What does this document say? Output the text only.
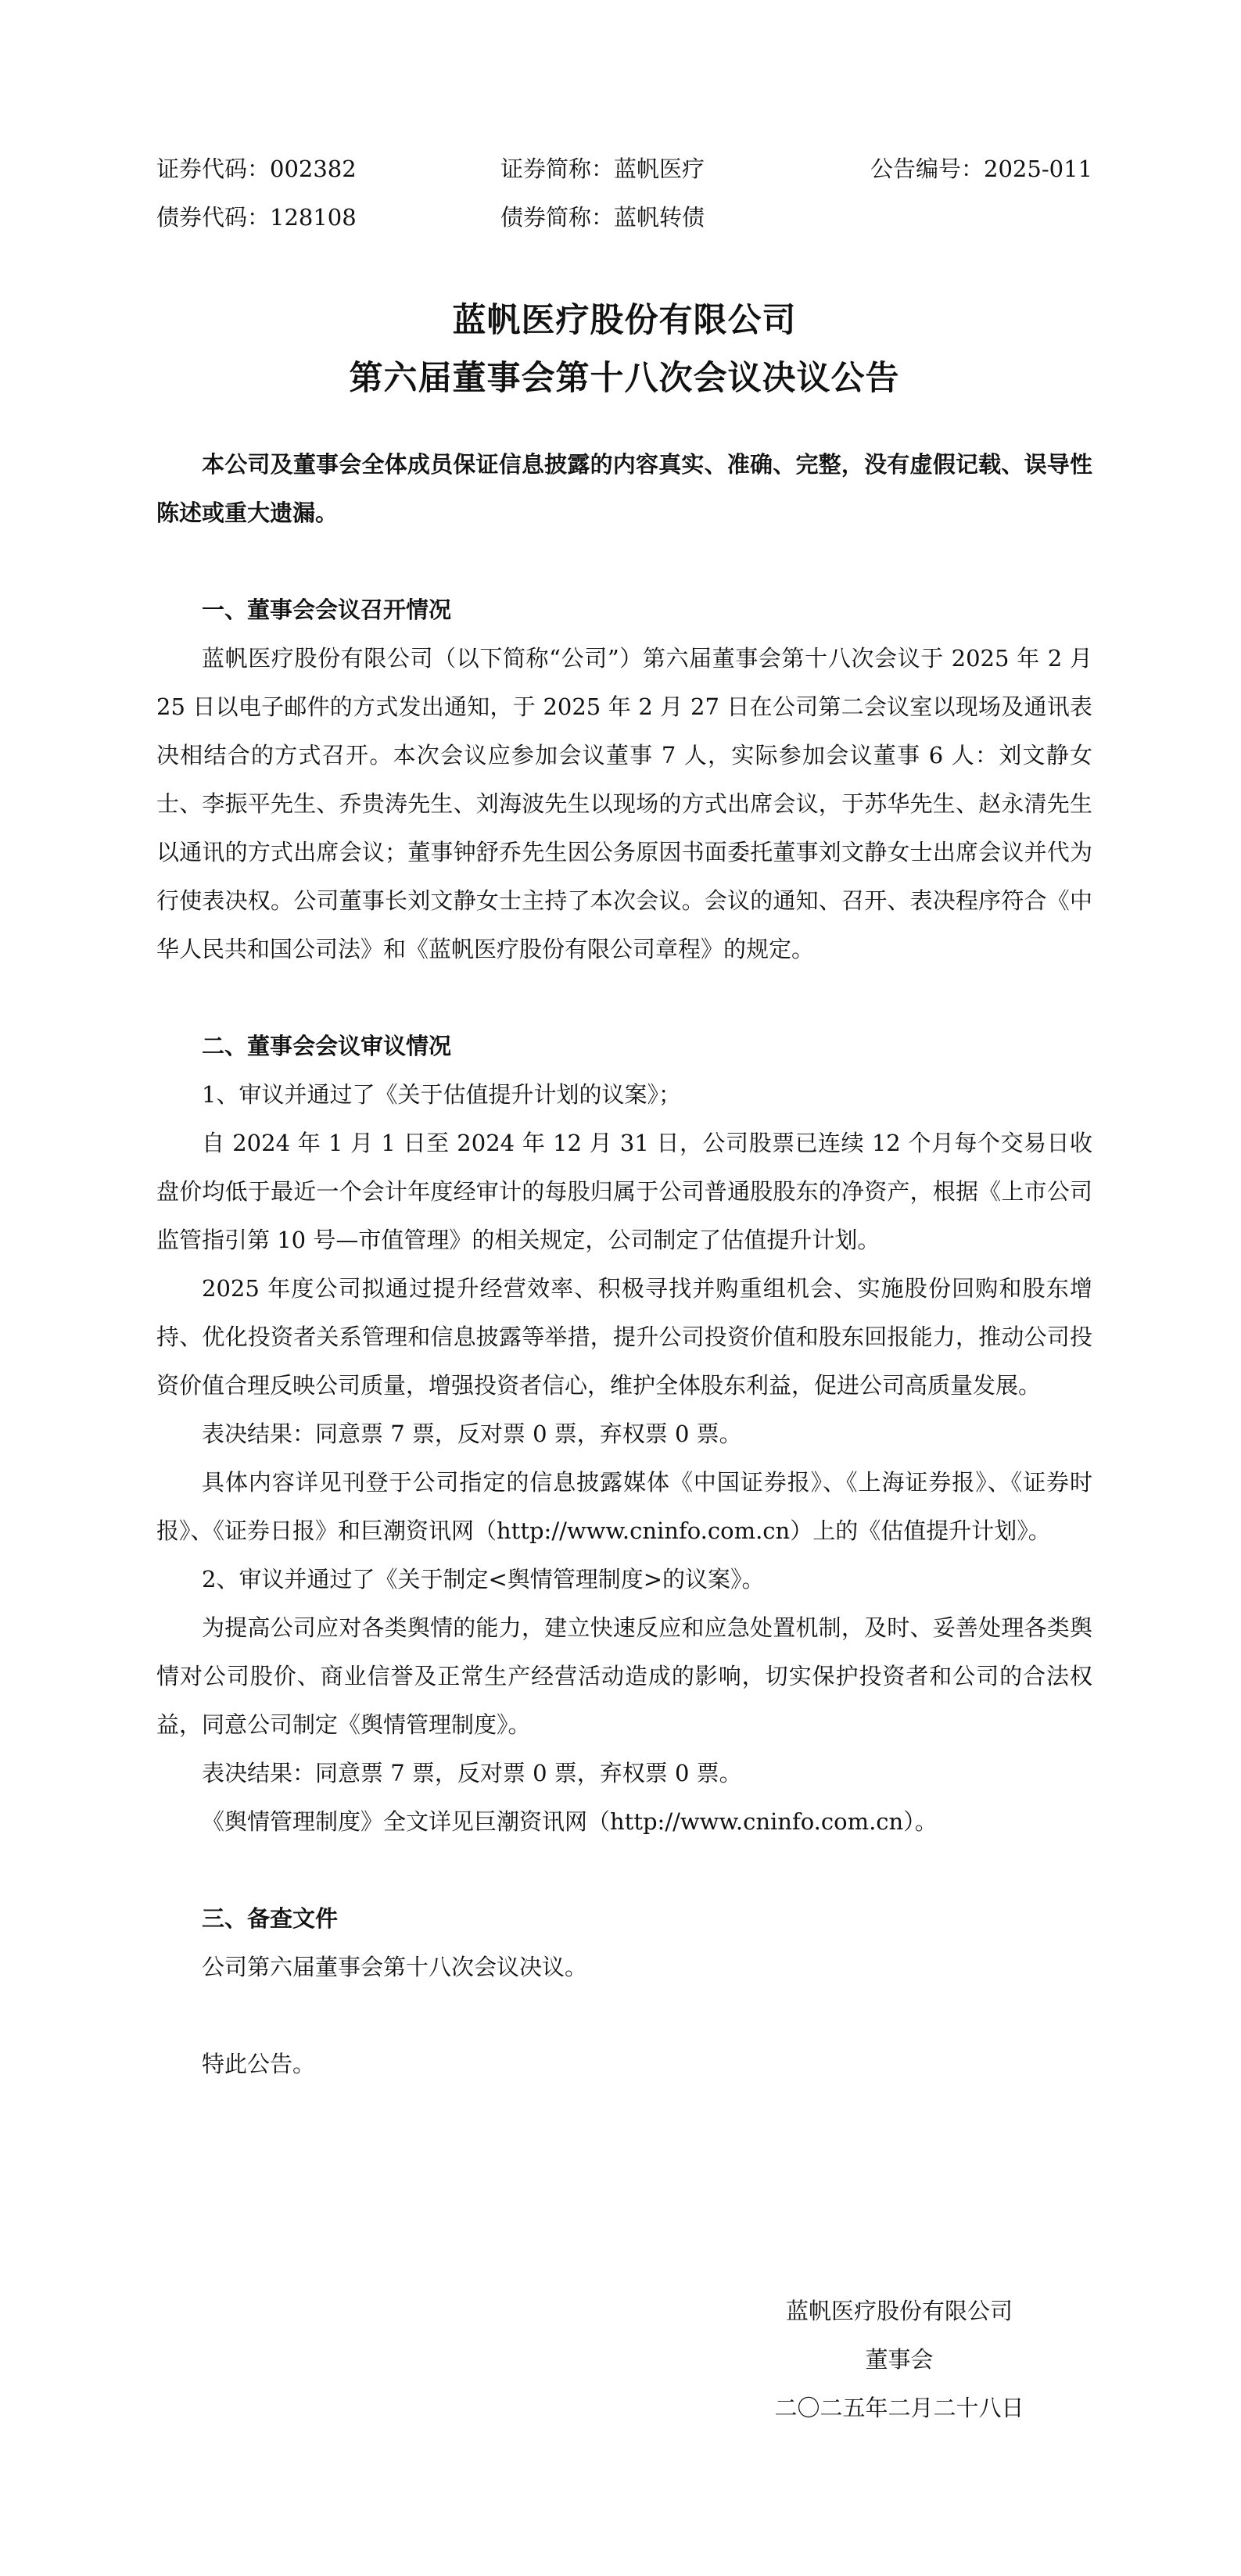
证券代码：002382	证券简称：蓝帆医疗	公告编号：2025-011
债券代码：128108	债券简称：蓝帆转债
蓝帆医疗股份有限公司
第六届董事会第十八次会议决议公告
本公司及董事会全体成员保证信息披露的内容真实、准确、完整，没有虚假记载、误导性陈述或重大遗漏。
一、董事会会议召开情况
蓝帆医疗股份有限公司（以下简称“公司”）第六届董事会第十八次会议于 2025 年 2 月 25 日以电子邮件的方式发出通知，于 2025 年 2 月 27 日在公司第二会议室以现场及通讯表决相结合的方式召开。本次会议应参加会议董事 7 人，实际参加会议董事 6 人：刘文静女士、李振平先生、乔贵涛先生、刘海波先生以现场的方式出席会议，于苏华先生、赵永清先生以通讯的方式出席会议；董事钟舒乔先生因公务原因书面委托董事刘文静女士出席会议并代为行使表决权。公司董事长刘文静女士主持了本次会议。会议的通知、召开、表决程序符合《中华人民共和国公司法》和《蓝帆医疗股份有限公司章程》的规定。
二、董事会会议审议情况
1、审议并通过了《关于估值提升计划的议案》；
自 2024 年 1 月 1 日至 2024 年 12 月 31 日，公司股票已连续 12 个月每个交易日收盘价均低于最近一个会计年度经审计的每股归属于公司普通股股东的净资产，根据《上市公司监管指引第 10 号—市值管理》的相关规定，公司制定了估值提升计划。
2025 年度公司拟通过提升经营效率、积极寻找并购重组机会、实施股份回购和股东增持、优化投资者关系管理和信息披露等举措，提升公司投资价值和股东回报能力，推动公司投资价值合理反映公司质量，增强投资者信心，维护全体股东利益，促进公司高质量发展。
表决结果：同意票 7 票，反对票 0 票，弃权票 0 票。
具体内容详见刊登于公司指定的信息披露媒体《中国证券报》、《上海证券报》、《证券时报》、《证券日报》和巨潮资讯网（http://www.cninfo.com.cn）上的《估值提升计划》。
2、审议并通过了《关于制定<舆情管理制度>的议案》。
为提高公司应对各类舆情的能力，建立快速反应和应急处置机制，及时、妥善处理各类舆情对公司股价、商业信誉及正常生产经营活动造成的影响，切实保护投资者和公司的合法权益，同意公司制定《舆情管理制度》。
表决结果：同意票 7 票，反对票 0 票，弃权票 0 票。
《舆情管理制度》全文详见巨潮资讯网（http://www.cninfo.com.cn）。
三、备查文件
公司第六届董事会第十八次会议决议。
特此公告。
蓝帆医疗股份有限公司
董事会
二〇二五年二月二十八日
